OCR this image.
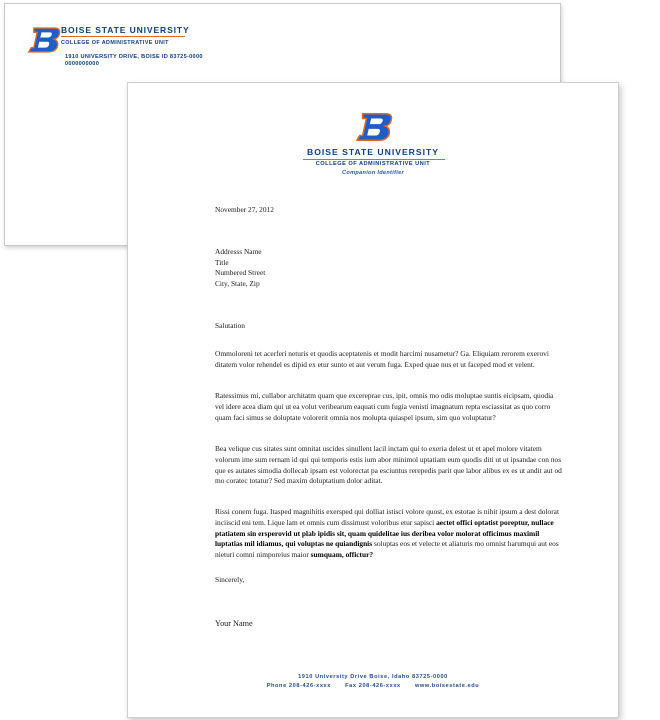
BOISE STATE UNIVERSITY
COLLEGE OF ADMINISTRATIVE UNIT
1910 UNIVERSITY DRIVE, BOISE ID 83725-0000
0000000000
BOISE STATE UNIVERSITY
COLLEGE OF ADMINISTRATIVE UNIT
Companion Identifier
November 27, 2012
Addresss Name
Title
Numbered Street
City, State, Zip
Salutation

Ommoloreni tet acerferi neturis et quodis aceptatenis et modit harcimi nusametur? Ga. Eliquiam rerorem exerovi ditatem volor rehendel es dipid ex etur sunto et aut verum fuga. Exped quae nus et ut faceped mod et velent.

Ratessimus mi, cullabor architatm quam que excereprae cus, ipit, omnis mo odis moluptae suntis eicipsam, quodia vel idere acea diam qui ut ea volut veribearum eaquati cum fugia venisti imagnatum repta esciassitat as quo corro quam faci simus se doluptate volorerit omnia nos molupta quiaspel ipsum, sim quo voluptatur?

Bea velique cus sitates sunt omnitat uscides sinullent lacil inctam qui to exeria delest ut et apel molore vitatem volorum ime sum rernam id qui qui temporis estis ium abor minimol uptatiam eum quodis diti ut ut ipsandae con nos que es autates simodia dollecab ipsam est volorectat pa esciuntus rerepedis parit que labor alibus ex es ut andit aut od mo coratec totatur? Sed maxim doluptatium dolor aditat.

Rissi conem fuga. Itasped magnihitis exersped qui dolliat istisci volore quost, ex estotae is nihit ipsum a dest dolorat inciiscid eni tem. Lique lam et omnis cum dissimust voloribus etur sapisci aectet offici optatist poreptur, nullace ptatiatem sin ersperovid ut plab ipidis sit, quam quidelitae ius deribea volor molorat officimus maximil luptatias mil idiamus, qui voluptas ne quiandignis soluptas eos et velecte et aliaturis mo omnist harumqui aut eos nieturi comni nimporeius maior sumquam, offictur?

Sincerely,
Your Name
1910 University Drive Boise, Idaho 83725-0000
Phone 208-426-xxxx	Fax 208-426-xxxx	www.boisestate.edu
